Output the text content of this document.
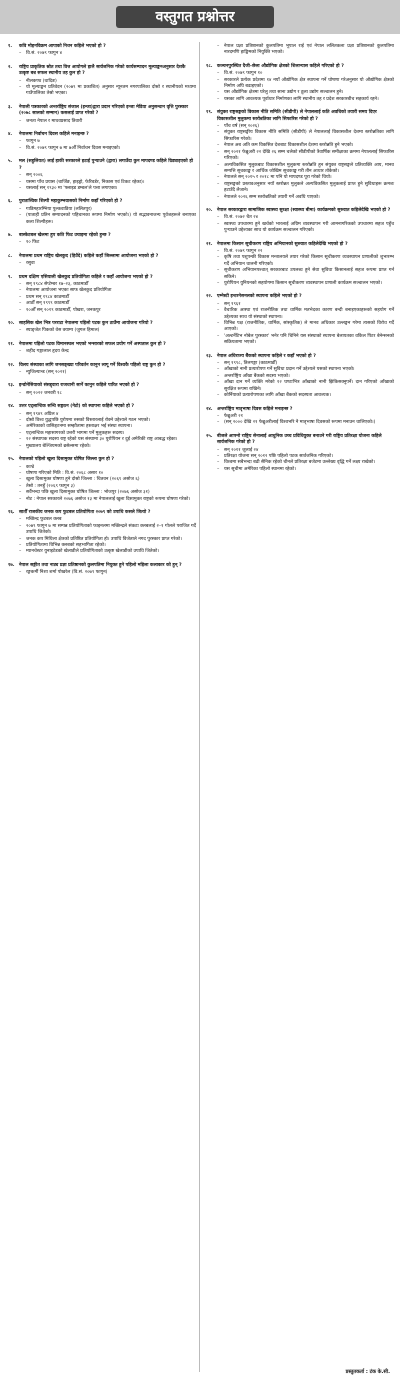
वस्तुगत प्रश्नोत्तर
१.	कवि मोहनविक्रम आपाको निधन कहिले भएको हो ?
–	वि.सं. २०७९ फागुन ४
२.	राष्ट्रिय प्राकृतिक स्रोत तथा वित्त आयोगले हालै सार्वजनिक गरेको कार्यसम्पादन मूल्याङ्कनअनुसार देशकै उत्कृष्ट बन्न सफल स्थानीय तह कुन हो ?
–	नीलकण्ठ (धादिङ)
–	यो मूल्याङ्कन प्रतिवेदन (२०७९ मा प्रकाशित) अनुसार न्यूनतम नगरपालिका दोस्रो र स्थानीयको मध्यमा गाउँपालिका तेस्रो भएका।
३.	नेपाली पत्रकारको अन्तर्राष्ट्रिय संजाल (इन्जा)द्वारा प्रदान गरिएको इन्जा मेडिया अनुसन्धान वृत्ति पुरस्कार (२०७८ सालको सम्मान) कसलाई प्राप्त गरेको ?
–	जनता नेपाल र माधवप्रसाद तिवारी
४.	नेपालमा निर्वाचन दिवस कहिले मनाइन्छ ?
–	फागुन ७
–	वि.सं. २०७९ फागुन ७ मा ७औँ निर्वाचन दिवस मनाइएको।
५.	मल (सहुलियत) लाई हाकी सरकारले हटाई पुर्‍याउने (द्वारा) लगाउँदा कुन मापदण्ड कहिले ग्रिड्याइएको हो ?
–	सन् २००६
–	यसमा पाँच प्रयास (चार्जिङ, हाइड्रो, फेरिवर्डर, निकास एवं टिकट रहेका)।
–	यसलाई सन् १९३० मा 'फ्लाइड डम्बल'ले पत्ता लगाएका।
६.	पुरातात्त्विक शिल्पी महाकुम्भवासको निर्माण कहाँ गरिएको हो ?
–	गाडिमहारम्भिया पुल्कवाडिया (ललितपुर)
–	(पाताही प्रतिन सम्पादनको पहिचानका रूपमा निर्माण भएको।) यो सद्भावनाजन्य पूर्वजहरूले बनाएका कला शिल्पीहरू।
७.	बास्केटबल खेलमा हुप कति फिट उचाइमा रहेको हुन्छ ?
–	१० फिट
८.	नेपालमा प्रथम राष्ट्रिय खेलकुद (हिउँदे) कहिले कहाँ जिल्लामा आयोजना भएको हो ?
–	रसुवा
९.	प्रथम दक्षिण एसियाली खेलकुद प्रतियोगिता कहिले र कहाँ आयोजना भएको हो ?
–	सन् १९८४ सेप्टेम्बर १७–२३, काठमाडौँ
–	नेपालमा आयोजना भएका साफ खेलकुद प्रतियोगिता
–	प्रथम सन् १९८४ काठमाडौँ
–	आठौँ सन् १९९९ काठमाडौँ
–	१०औँ सन् २०१९ काठमाडौँ, पोखरा, जनकपुर
१०. साहसिक खेल भित्र परराटा नेपालमा पहिलो पटक कुन ठाउँमा आयोजना गरियो ?
–	स्याङ्जेत पिककाे वेस क्याम्प (जुगल हिमाल)
११. नेपालमा पहिलो पटक विमानस्थल भएको भन्सारको सफल प्रयोग गर्ने अस्पताल कुन हो ?
–	शहीद गङ्गालाल हृदय केन्द्र
१२. विलय संस्थाका लागि जनसङ्ख्या परिवर्तन कानुन लागू गर्ने विश्वकै पहिलो राष्ट्र कुन हो ?
–	न्युजिल्यान्ड (सन् २०२१)
१३. इन्डोनेसियाको संसद्द्वारा राजधानी सार्ने कानुन कहिले पारित भएको हो ?
–	सन् २०२२ जनवरी १८
१४. उत्तर एट्लान्टिक सन्धि सङ्गठन (नेटो) को स्थापना कहिले भएको हो ?
–	सन् १९४९ अप्रिल ४
–	दोस्रो विश्व युद्धपछि युरोपमा रुसको विस्तारलाई रोक्ने उद्देश्यले गठन भएको।
–	अमेरिकाको वासिङ्टनमा सम्झौतामा हस्ताक्षर भई संस्था स्थापना।
–	एट्लान्टिक महासागरको उत्तरी भागमा पर्ने मुलुकहरू सदस्य।
–	१२ संस्थापक सदस्य राष्ट्र रहेको यस संस्थामा ३० युरोपियन र दुई अमेरिकी राष्ट्र आबद्ध रहेका।
–	मुख्यालय बेल्जियमको ब्रसेल्समा रहेको।
१५. नेपालको पहिलो खुला दिसामुक्त घोषित जिल्ला कुन हो ?
–	काभ्रे
–	घोषणा गरिएको मिति : वि.सं. २०६८ असार १०
–	खुला दिसामुक्त घोषणा हुने दोस्रो जिल्ला : चितवन (२०६९ असोज ६)
–	तेस्रो : तनहुँ (२०६९ फागुन ३)
–	सर्वैभन्दा पछि खुला दिसामुक्त घोषित जिल्ला : भोजपुर (२०७६ असोज ३१)
–	नोट : नेपाल सरकारले २०७६ असोज १३ मा नेपाललाई खुला दिसामुक्त राष्ट्रको रूपमा घोषणा गरेको।
१६. सातौँ राजकीय जनक कप फुटबल प्रतियोगिता २०७९ को उपाधि कसले जित्यो ?
–	मच्छिन्द्र फुटबल क्लब
–	२०७९ फागुन ७ मा सम्पन्न प्रतियोगिताको फाइनलमा मच्छिन्द्रले संकटा क्लबलाई २–१ गोलले पराजित गर्दै उपाधि जितेको।
–	जनक कप मिथिला क्षेत्रको प्रतिष्ठित प्रतियोगिता हो। उपाधि विजेताले नगद पुरस्कार प्राप्त गरेको।
–	प्रतियोगितामा विभिन्न क्लबको सहभागिता रहेको।
–	म्यानचेस्टर युनाइटेडको खेलाडीले प्रतियोगिताको उत्कृष्ट खेलाडीको उपाधि जितेको।
१७. नेपाल सङ्गीत तथा नाट्य प्रज्ञा प्रतिष्ठानको कुलपतिमा नियुक्त हुने पहिलो महिला कलाकार को हुन् ?
–	रङ्गकर्मी निशा शर्मा पोखरेल (वि.सं. २०७९ फागुन)
–	नेपाल प्रज्ञा प्रतिष्ठानको कुलपतिमा भूपाल राई एवं नेपाल ललितकला प्रज्ञा प्रतिष्ठानको कुलपतिमा नारदमणि हाङ्खिमको नियुक्ति भएको।
१८. कञ्चनपुरस्थित दैजी–छेला औद्योगिक क्षेत्रको शिलान्यास कहिले गरिएको हो ?
–	वि.सं. २०७९ फागुन १०
–	सरकारले प्रत्येक प्रदेशमा १४ नयाँ औद्योगिक क्षेत्र स्थापना गर्ने घोषणा गरेअनुसार यो औद्योगिक क्षेत्रको निर्माण अघि बढाइएको।
–	यस औद्योगिक क्षेत्रमा घरेलु तथा साना उद्योग र ठूला उद्योग सञ्चालन हुने।
–	यसका लागि आवश्यक पूर्वाधार निर्माणका लागि स्थानीय तह र प्रदेश सरकारबीच सहकार्य रहने।
१९. संयुक्त राष्ट्रसङ्घको विकास नीति समिति (सीडीपी) ले नेपाललाई कति अवधिको तयारी समय दिएर विकासशील मुलुकमा स्तरोन्नतिका लागि सिफारिस गरेको हो ?
–	पाँच वर्ष (सन् २०२६)
–	संयुक्त राष्ट्रसङ्घीय विकास नीति समिति (सीडीपी) ले नेपाललाई विकासशील देशमा स्तरोन्नतिका लागि सिफारिस गरेको।
–	नेपाल अब अति कम विकसित देशबाट विकासशील देशमा स्तरोन्नति हुने भएको।
–	सन् २०२१ फेब्रुअरी २२ देखि २६ सम्म चलेको सीडीपीको त्रैवार्षिक समीक्षाका क्रममा नेपाललाई सिफारिस गरिएको।
–	अल्पविकसित मुलुकबाट विकासशील मुलुकमा स्तरोन्नति हुन संयुक्त राष्ट्रसङ्घले प्रतिव्यक्ति आय, मानव सम्पत्ति सूचकाङ्क र आर्थिक जोखिम सूचकाङ्क गरी तीन आधार तोकेको।
–	नेपालले सन् २०१५ र २०१८ मा पनि यो मापदण्ड पूरा गरेको थियो।
–	राष्ट्रसङ्घको प्रस्तावअनुसार नयाँ स्तरोन्नत मुलुकले अल्पविकसित मुलुकलाई प्राप्त हुने सुविधाहरू क्रमशः हटाउँदै लैजाने।
–	नेपालले २०२६ सम्म स्तरोन्नतिको तयारी गर्ने अवधि पाएको।
२०. नेपाल सरकारद्वारा सामाजिक स्वास्थ्य सुरक्षा (स्वास्थ्य बीमा) कार्यक्रमको सुरुवात कहिलेदेखि भएको हो ?
–	वि.सं. २०७२ चैत २४
–	स्वास्थ्य उपचारमा हुने खर्चको भारलाई अग्रिम व्यवस्थापन गरी आमनागरिकको उपचारमा सहज पहुँच पुर्‍याउने उद्देश्यका साथ यो कार्यक्रम सञ्चालन गरिएको।
२१. नेपालमा किसान सूचीकरण राष्ट्रिय अभियानको सुरुवात कहिलेदेखि भएको हो ?
–	वि.सं. २०७९ फागुन २२
–	कृषि तथा पशुपन्छी विकास मन्त्रालयले तयार गरेको किसान सूचीकरण व्यवस्थापन प्रणालीको शुभारम्भ गर्दै अभियान थालनी गरिएको।
–	सूचीकरण अभियानपश्चात् सरकारबाट उपलब्ध हुने सेवा सुविधा किसानलाई सहज रूपमा प्राप्त गर्न सकिने।
–	युरोपियन युनियनको सहयोगमा किसान सूचीकरण व्यवस्थापन प्रणाली कार्यक्रम सञ्चालन भएको।
२२. एम्नेस्टी इन्टरनेसनलको स्थापना कहिले भएको हो ?
–	सन् १९६१
–	वैचारिक आस्था एवं राजनीतिक तथा धार्मिक मतभेदका कारण बन्दी बनाइएकाहरूको सहयोग गर्ने उद्देश्यका साथ यो संस्थाको स्थापना।
–	विभिन्न पक्ष (राजनीतिक, धार्मिक, सांस्कृतिक) ले मानव अधिकार उल्लङ्घन गरेमा त्यसको विरोध गर्दै आएको।
–	'अल्टर्नेटिभ नोबेल पुरस्कार' भनेर पनि चिनिने यस संस्थाको स्थापना बेलायतका वकिल पिटर बेनेन्सनको सक्रियतामा भएको।
२३. नेपाल अधिराज्य बैंकको स्थापना कहिले र कहाँ भएको हो ?
–	सन् १९९८, तिलगङ्गा (काठमाडौँ)
–	आँखाको नानी प्रत्यारोपण गर्ने सुविधा प्रदान गर्ने उद्देश्यले यसको स्थापना भएको।
–	अन्तर्राष्ट्रिय आँखा बैंकको सदस्य भएको।
–	आँखा दान गर्ने व्यक्ति मरेको १२ घण्टाभित्र आँखाको नानी झिकिसक्नुपर्ने। दान गरिएको आँखाको सुरक्षित रूपमा राखिने।
–	कोर्नियाको प्रत्यारोपणका लागि आँखा बैंकको सदस्यता आवश्यक।
२४. अन्तर्राष्ट्रिय मातृभाषा दिवस कहिले मनाइन्छ ?
–	फेब्रुअरी २१
–	(सन् २००० देखि २१ फेब्रुअरीलाई विश्वभरि नै मातृभाषा दिवसको रूपमा मनाउन थालिएको।)
२५. बीजले आफ्नो राष्ट्रिय सेनालाई आधुनिक उच्च प्रविधियुक्त बनाउने गरी राष्ट्रिय प्रतिरक्षा योजना कहिले सार्वजनिक गरेको हो ?
–	सन् २०११ जुलाई २४
–	प्रतिरक्षा योजना सन् २०१२ पछि पहिलो पटक सार्वजनिक गरिएको।
–	विश्वमा सबैभन्दा बढी सैनिक रहेको चीनले प्रतिरक्षा बजेटमा उल्लेख्य वृद्धि गर्ने लक्ष्य राखेको।
–	यस सूचीमा अमेरिका पहिलो स्थानमा रहेको।
प्रस्तुतकर्ता : टंक के.सी.
